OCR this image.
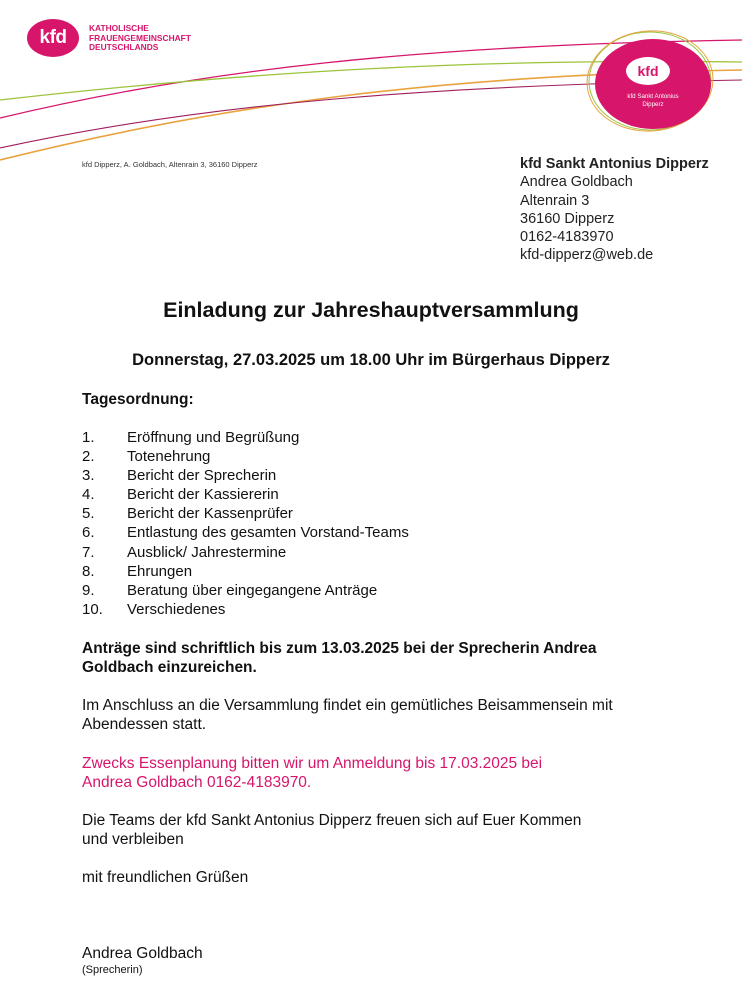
kfd	KATHOLISCHE
FRAUENGEMEINSCHAFT
DEUTSCHLANDS
kfd
kfd Sankt Antonius
Dipperz
kfd Dipperz, A. Goldbach, Altenrain 3, 36160 Dipperz	kfd Sankt Antonius Dipperz
Andrea Goldbach
Altenrain 3
36160 Dipperz
0162-4183970
kfd-dipperz@web.de
Einladung zur Jahreshauptversammlung
Donnerstag, 27.03.2025 um 18.00 Uhr im Bürgerhaus Dipperz
Tagesordnung:
1.	Eröffnung und Begrüßung
2.	Totenehrung
3.	Bericht der Sprecherin
4.	Bericht der Kassiererin
5.	Bericht der Kassenprüfer
6.	Entlastung des gesamten Vorstand-Teams
7.	Ausblick/ Jahrestermine
8.	Ehrungen
9.	Beratung über eingegangene Anträge
10.	Verschiedenes
Anträge sind schriftlich bis zum 13.03.2025 bei der Sprecherin Andrea Goldbach einzureichen.
Im Anschluss an die Versammlung findet ein gemütliches Beisammensein mit Abendessen statt.
Zwecks Essenplanung bitten wir um Anmeldung bis 17.03.2025 bei
Andrea Goldbach 0162-4183970.
Die Teams der kfd Sankt Antonius Dipperz freuen sich auf Euer Kommen
und verbleiben
mit freundlichen Grüßen
Andrea Goldbach
(Sprecherin)
